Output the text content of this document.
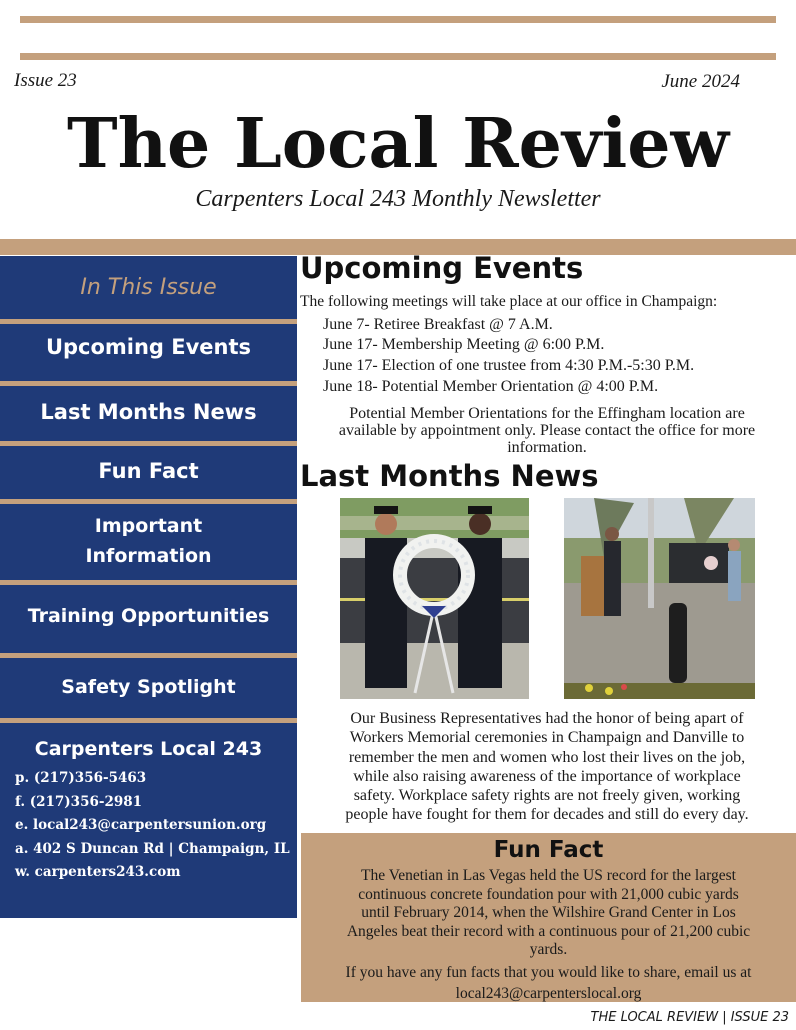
Issue 23	June 2024
The Local Review
Carpenters Local 243 Monthly Newsletter
In This Issue
Upcoming Events
Last Months News
Fun Fact
Important
Information
Training Opportunities
Safety Spotlight
Carpenters Local 243
p. (217)356-5463
f. (217)356-2981
e. local243@carpentersunion.org
a. 402 S Duncan Rd | Champaign, IL
w. carpenters243.com
Upcoming Events
The following meetings will take place at our office in Champaign:
June 7- Retiree Breakfast @ 7 A.M.
June 17- Membership Meeting @ 6:00 P.M.
June 17- Election of one trustee from 4:30 P.M.-5:30 P.M.
June 18- Potential Member Orientation @ 4:00 P.M.
Potential Member Orientations for the Effingham location are
available by appointment only. Please contact the office for more
information.
Last Months News
Our Business Representatives had the honor of being apart of
Workers Memorial ceremonies in Champaign and Danville to
remember the men and women who lost their lives on the job,
while also raising awareness of the importance of workplace
safety. Workplace safety rights are not freely given, working
people have fought for them for decades and still do every day.
Fun Fact
The Venetian in Las Vegas held the US record for the largest
continuous concrete foundation pour with 21,000 cubic yards
until February 2014, when the Wilshire Grand Center in Los
Angeles beat their record with a continuous pour of 21,200 cubic
yards.
If you have any fun facts that you would like to share, email us at
local243@carpenterslocal.org
THE LOCAL REVIEW | ISSUE 23
